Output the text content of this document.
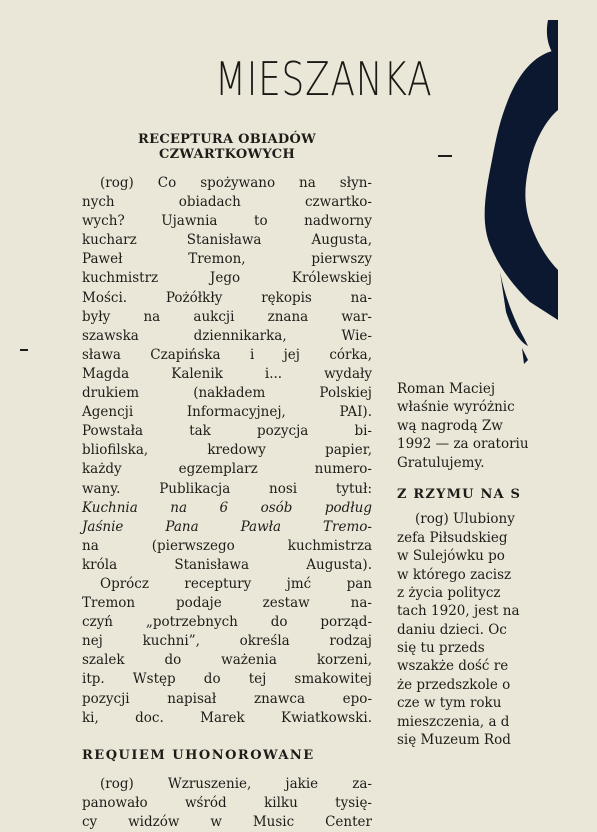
MIESZANKA
RECEPTURA OBIADÓW
CZWARTKOWYCH
(rog) Co spożywano na słyn-
nych obiadach czwartko-
wych? Ujawnia to nadworny
kucharz Stanisława Augusta,
Paweł Tremon, pierwszy
kuchmistrz Jego Królewskiej
Mości. Pożółkły rękopis na-
były na aukcji znana war-
szawska dziennikarka, Wie-
sława Czapińska i jej córka,
Magda Kalenik i... wydały
drukiem (nakładem Polskiej
Agencji Informacyjnej, PAI).
Powstała tak pozycja bi-
bliofilska, kredowy papier,
każdy egzemplarz numero-
wany. Publikacja nosi tytuł:
Kuchnia na 6 osób podług
Jaśnie Pana Pawła Tremo-
na (pierwszego kuchmistrza
króla Stanisława Augusta).
Oprócz receptury jmć pan
Tremon podaje zestaw na-
czyń „potrzebnych do porząd-
nej kuchni”, określa rodzaj
szalek do ważenia korzeni,
itp. Wstęp do tej smakowitej
pozycji napisał znawca epo-
ki, doc. Marek Kwiatkowski.
REQUIEM UHONOROWANE
(rog) Wzruszenie, jakie za-
panowało wśród kilku tysię-
cy widzów w Music Center
Roman Maciej
właśnie wyróżnic
wą nagrodą Zw
1992 — za oratoriu
Gratulujemy.
Z RZYMU NA S
(rog) Ulubiony
zefa Piłsudskieg
w Sulejówku po
w którego zacisz
z życia politycz
tach 1920, jest na
daniu dzieci. Oc
się tu przeds
wszakże dość re
że przedszkole o
cze w tym roku
mieszczenia, a d
się Muzeum Rod
